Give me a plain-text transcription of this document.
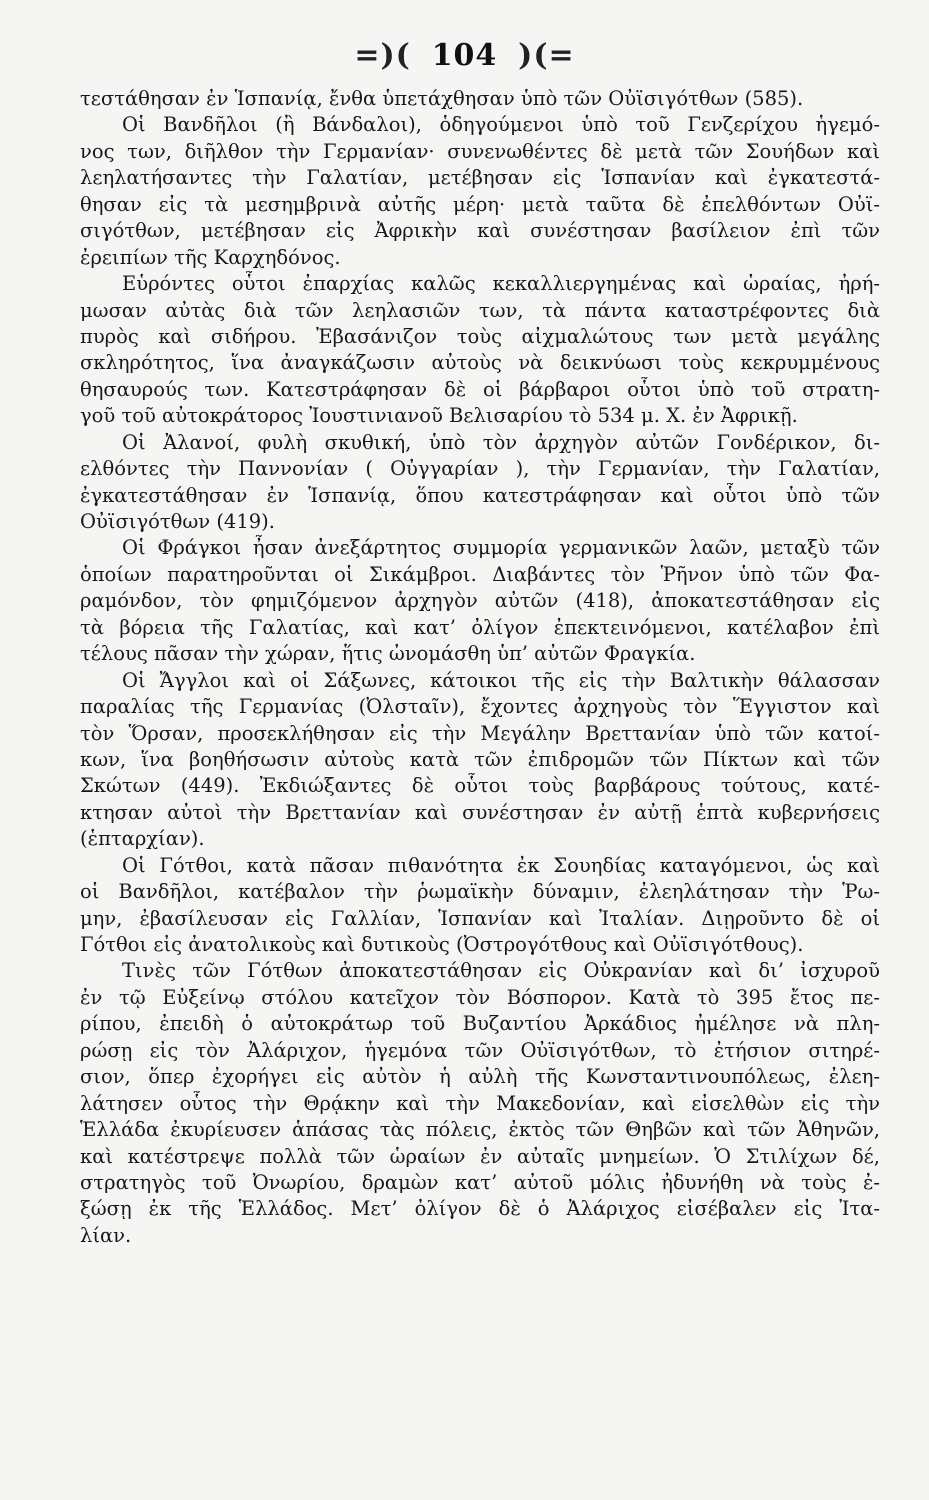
=)( 104 )(=
τεστάθησαν ἐν Ἱσπανίᾳ, ἔνθα ὑπετάχθησαν ὑπὸ τῶν Οὐϊσιγότθων (585).
Οἱ Βανδῆλοι (ἢ Βάνδαλοι), ὁδηγούμενοι ὑπὸ τοῦ Γενζερίχου ἡγεμό-
νος των, διῆλθον τὴν Γερμανίαν· συνενωθέντες δὲ μετὰ τῶν Σουήδων καὶ
λεηλατήσαντες τὴν Γαλατίαν, μετέβησαν εἰς Ἱσπανίαν καὶ ἐγκατεστά-
θησαν εἰς τὰ μεσημβρινὰ αὐτῆς μέρη· μετὰ ταῦτα δὲ ἐπελθόντων Οὐϊ-
σιγότθων, μετέβησαν εἰς Ἀφρικὴν καὶ συνέστησαν βασίλειον ἐπὶ τῶν
ἐρειπίων τῆς Καρχηδόνος.
Εὑρόντες οὗτοι ἐπαρχίας καλῶς κεκαλλιεργημένας καὶ ὡραίας, ἠρή-
μωσαν αὐτὰς διὰ τῶν λεηλασιῶν των, τὰ πάντα καταστρέφοντες διὰ
πυρὸς καὶ σιδήρου. Ἐβασάνιζον τοὺς αἰχμαλώτους των μετὰ μεγάλης
σκληρότητος, ἵνα ἀναγκάζωσιν αὐτοὺς νὰ δεικνύωσι τοὺς κεκρυμμένους
θησαυρούς των. Κατεστράφησαν δὲ οἱ βάρβαροι οὗτοι ὑπὸ τοῦ στρατη-
γοῦ τοῦ αὐτοκράτορος Ἰουστινιανοῦ Βελισαρίου τὸ 534 μ. Χ. ἐν Ἀφρικῇ.
Οἱ Ἀλανοί, φυλὴ σκυθική, ὑπὸ τὸν ἀρχηγὸν αὐτῶν Γονδέρικον, δι-
ελθόντες τὴν Παννονίαν ( Οὐγγαρίαν ), τὴν Γερμανίαν, τὴν Γαλατίαν,
ἐγκατεστάθησαν ἐν Ἱσπανίᾳ, ὅπου κατεστράφησαν καὶ οὗτοι ὑπὸ τῶν
Οὐϊσιγότθων (419).
Οἱ Φράγκοι ἦσαν ἀνεξάρτητος συμμορία γερμανικῶν λαῶν, μεταξὺ τῶν
ὁποίων παρατηροῦνται οἱ Σικάμβροι. Διαβάντες τὸν Ῥῆνον ὑπὸ τῶν Φα-
ραμόνδον, τὸν φημιζόμενον ἀρχηγὸν αὐτῶν (418), ἀποκατεστάθησαν εἰς
τὰ βόρεια τῆς Γαλατίας, καὶ κατ’ ὀλίγον ἐπεκτεινόμενοι, κατέλαβον ἐπὶ
τέλους πᾶσαν τὴν χώραν, ἥτις ὠνομάσθη ὑπ’ αὐτῶν Φραγκία.
Οἱ Ἄγγλοι καὶ οἱ Σάξωνες, κάτοικοι τῆς εἰς τὴν Βαλτικὴν θάλασσαν
παραλίας τῆς Γερμανίας (Ὀλσταῖν), ἔχοντες ἀρχηγοὺς τὸν Ἕγγιστον καὶ
τὸν Ὅρσαν, προσεκλήθησαν εἰς τὴν Μεγάλην Βρεττανίαν ὑπὸ τῶν κατοί-
κων, ἵνα βοηθήσωσιν αὐτοὺς κατὰ τῶν ἐπιδρομῶν τῶν Πίκτων καὶ τῶν
Σκώτων (449). Ἐκδιώξαντες δὲ οὗτοι τοὺς βαρβάρους τούτους, κατέ-
κτησαν αὐτοὶ τὴν Βρεττανίαν καὶ συνέστησαν ἐν αὐτῇ ἑπτὰ κυβερνήσεις
(ἑπταρχίαν).
Οἱ Γότθοι, κατὰ πᾶσαν πιθανότητα ἐκ Σουηδίας καταγόμενοι, ὡς καὶ
οἱ Βανδῆλοι, κατέβαλον τὴν ῥωμαϊκὴν δύναμιν, ἐλεηλάτησαν τὴν Ῥω-
μην, ἐβασίλευσαν εἰς Γαλλίαν, Ἱσπανίαν καὶ Ἰταλίαν. Διῃροῦντο δὲ οἱ
Γότθοι εἰς ἀνατολικοὺς καὶ δυτικοὺς (Ὀστρογότθους καὶ Οὐϊσιγότθους).
Τινὲς τῶν Γότθων ἀποκατεστάθησαν εἰς Οὐκρανίαν καὶ δι’ ἰσχυροῦ
ἐν τῷ Εὐξείνῳ στόλου κατεῖχον τὸν Βόσπορον. Κατὰ τὸ 395 ἔτος πε-
ρίπου, ἐπειδὴ ὁ αὐτοκράτωρ τοῦ Βυζαντίου Ἀρκάδιος ἠμέλησε νὰ πλη-
ρώσῃ εἰς τὸν Ἀλάριχον, ἡγεμόνα τῶν Οὐϊσιγότθων, τὸ ἐτήσιον σιτηρέ-
σιον, ὅπερ ἐχορήγει εἰς αὐτὸν ἡ αὐλὴ τῆς Κωνσταντινουπόλεως, ἐλεη-
λάτησεν οὗτος τὴν Θρᾴκην καὶ τὴν Μακεδονίαν, καὶ εἰσελθὼν εἰς τὴν
Ἑλλάδα ἐκυρίευσεν ἁπάσας τὰς πόλεις, ἐκτὸς τῶν Θηβῶν καὶ τῶν Ἀθηνῶν,
καὶ κατέστρεψε πολλὰ τῶν ὡραίων ἐν αὐταῖς μνημείων. Ὁ Στιλίχων δέ,
στρατηγὸς τοῦ Ὀνωρίου, δραμὼν κατ’ αὐτοῦ μόλις ἠδυνήθη νὰ τοὺς ἐ-
ξώσῃ ἐκ τῆς Ἑλλάδος. Μετ’ ὀλίγον δὲ ὁ Ἀλάριχος εἰσέβαλεν εἰς Ἰτα-
λίαν.
